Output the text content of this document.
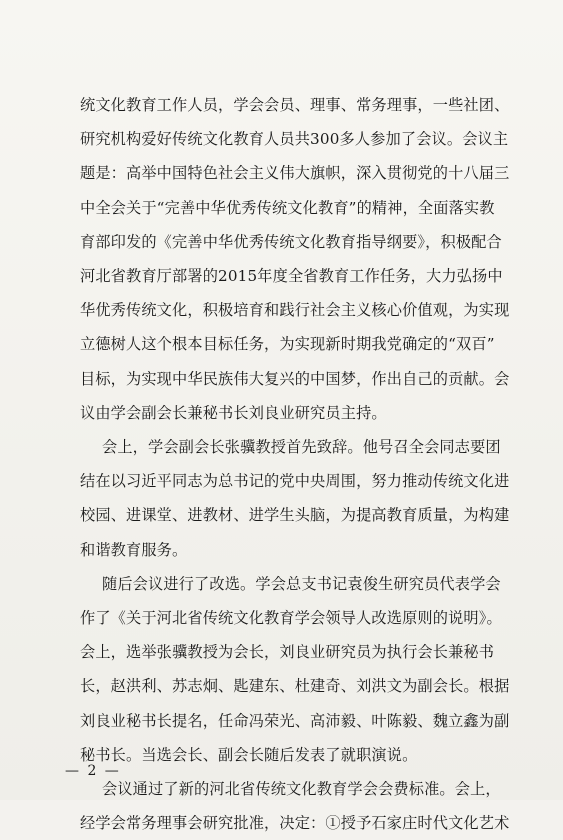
统文化教育工作人员，学会会员、理事、常务理事，一些社团、
研究机构爱好传统文化教育人员共300多人参加了会议。会议主
题是：高举中国特色社会主义伟大旗帜，深入贯彻党的十八届三
中全会关于“完善中华优秀传统文化教育”的精神，全面落实教
育部印发的《完善中华优秀传统文化教育指导纲要》，积极配合
河北省教育厅部署的2015年度全省教育工作任务，大力弘扬中
华优秀传统文化，积极培育和践行社会主义核心价值观，为实现
立德树人这个根本目标任务，为实现新时期我党确定的“双百”
目标，为实现中华民族伟大复兴的中国梦，作出自己的贡献。会
议由学会副会长兼秘书长刘良业研究员主持。
会上，学会副会长张骥教授首先致辞。他号召全会同志要团
结在以习近平同志为总书记的党中央周围，努力推动传统文化进
校园、进课堂、进教材、进学生头脑，为提高教育质量，为构建
和谐教育服务。
随后会议进行了改选。学会总支书记袁俊生研究员代表学会
作了《关于河北省传统文化教育学会领导人改选原则的说明》。
会上，选举张骥教授为会长，刘良业研究员为执行会长兼秘书
长，赵洪利、苏志炯、匙建东、杜建奇、刘洪文为副会长。根据
刘良业秘书长提名，任命冯荣光、高沛毅、叶陈毅、魏立鑫为副
秘书长。当选会长、副会长随后发表了就职演说。
会议通过了新的河北省传统文化教育学会会费标准。会上，
经学会常务理事会研究批准，决定：①授予石家庄时代文化艺术
— 2 —
